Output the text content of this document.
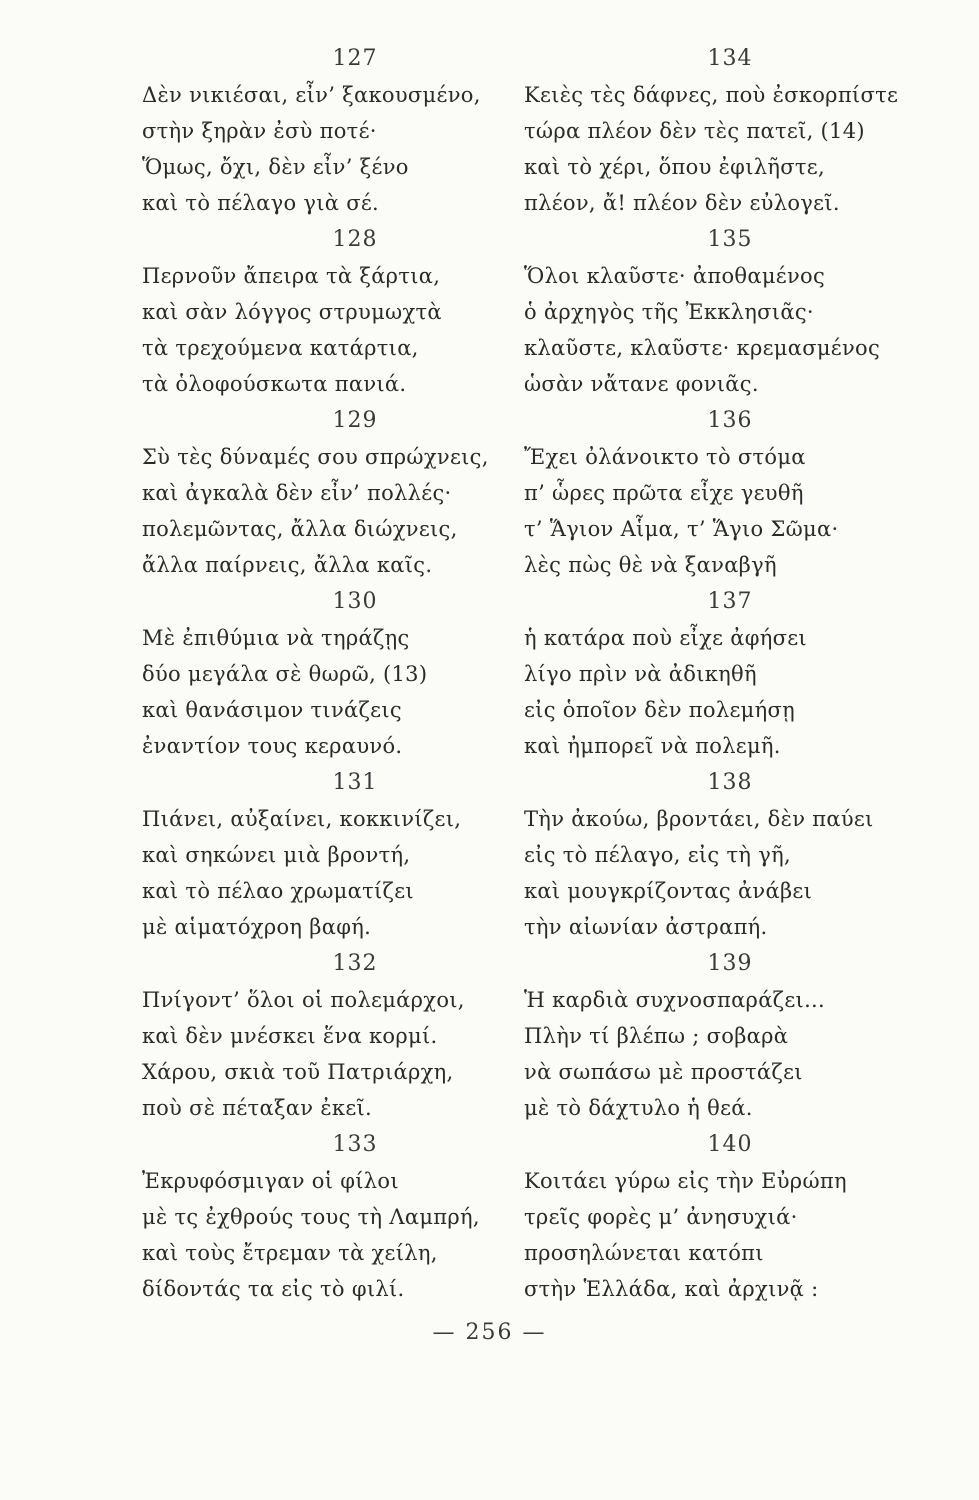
127
Δὲν νικιέσαι, εἶν’ ξακουσμένο,
στὴν ξηρὰν ἐσὺ ποτέ·
Ὅμως, ὄχι, δὲν εἶν’ ξένο
καὶ τὸ πέλαγο γιὰ σέ.
128
Περνοῦν ἄπειρα τὰ ξάρτια,
καὶ σὰν λόγγος στρυμωχτὰ
τὰ τρεχούμενα κατάρτια,
τὰ ὁλοφούσκωτα πανιά.
129
Σὺ τὲς δύναμές σου σπρώχνεις,
καὶ ἀγκαλὰ δὲν εἶν’ πολλές·
πολεμῶντας, ἄλλα διώχνεις,
ἄλλα παίρνεις, ἄλλα καῖς.
130
Μὲ ἐπιθύμια νὰ τηράζῃς
δύο μεγάλα σὲ θωρῶ, (13)
καὶ θανάσιμον τινάζεις
ἐναντίον τους κεραυνό.
131
Πιάνει, αὐξαίνει, κοκκινίζει,
καὶ σηκώνει μιὰ βροντή,
καὶ τὸ πέλαο χρωματίζει
μὲ αἱματόχροη βαφή.
132
Πνίγοντ’ ὅλοι οἱ πολεμάρχοι,
καὶ δὲν μνέσκει ἕνα κορμί.
Χάρου, σκιὰ τοῦ Πατριάρχη,
ποὺ σὲ πέταξαν ἐκεῖ.
133
Ἐκρυφόσμιγαν οἱ φίλοι
μὲ τς ἐχθρούς τους τὴ Λαμπρή,
καὶ τοὺς ἔτρεμαν τὰ χείλη,
δίδοντάς τα εἰς τὸ φιλί.
134
Κειὲς τὲς δάφνες, ποὺ ἐσκορπίστε
τώρα πλέον δὲν τὲς πατεῖ, (14)
καὶ τὸ χέρι, ὅπου ἐφιλῆστε,
πλέον, ἄ! πλέον δὲν εὐλογεῖ.
135
Ὅλοι κλαῦστε· ἀποθαμένος
ὁ ἀρχηγὸς τῆς Ἐκκλησιᾶς·
κλαῦστε, κλαῦστε· κρεμασμένος
ὡσὰν νἄτανε φονιᾶς.
136
Ἔχει ὀλάνοικτο τὸ στόμα
π’ ὧρες πρῶτα εἶχε γευθῆ
τ’ Ἅγιον Αἷμα, τ’ Ἅγιο Σῶμα·
λὲς πὼς θὲ νὰ ξαναβγῆ
137
ἡ κατάρα ποὺ εἶχε ἀφήσει
λίγο πρὶν νὰ ἀδικηθῆ
εἰς ὁποῖον δὲν πολεμήσῃ
καὶ ἠμπορεῖ νὰ πολεμῆ.
138
Τὴν ἀκούω, βροντάει, δὲν παύει
εἰς τὸ πέλαγο, εἰς τὴ γῆ,
καὶ μουγκρίζοντας ἀνάβει
τὴν αἰωνίαν ἀστραπή.
139
Ἡ καρδιὰ συχνοσπαράζει...
Πλὴν τί βλέπω ; σοβαρὰ
νὰ σωπάσω μὲ προστάζει
μὲ τὸ δάχτυλο ἡ θεά.
140
Κοιτάει γύρω εἰς τὴν Εὐρώπη
τρεῖς φορὲς μ’ ἀνησυχιά·
προσηλώνεται κατόπι
στὴν Ἑλλάδα, καὶ ἀρχινᾷ :
— 256 —
